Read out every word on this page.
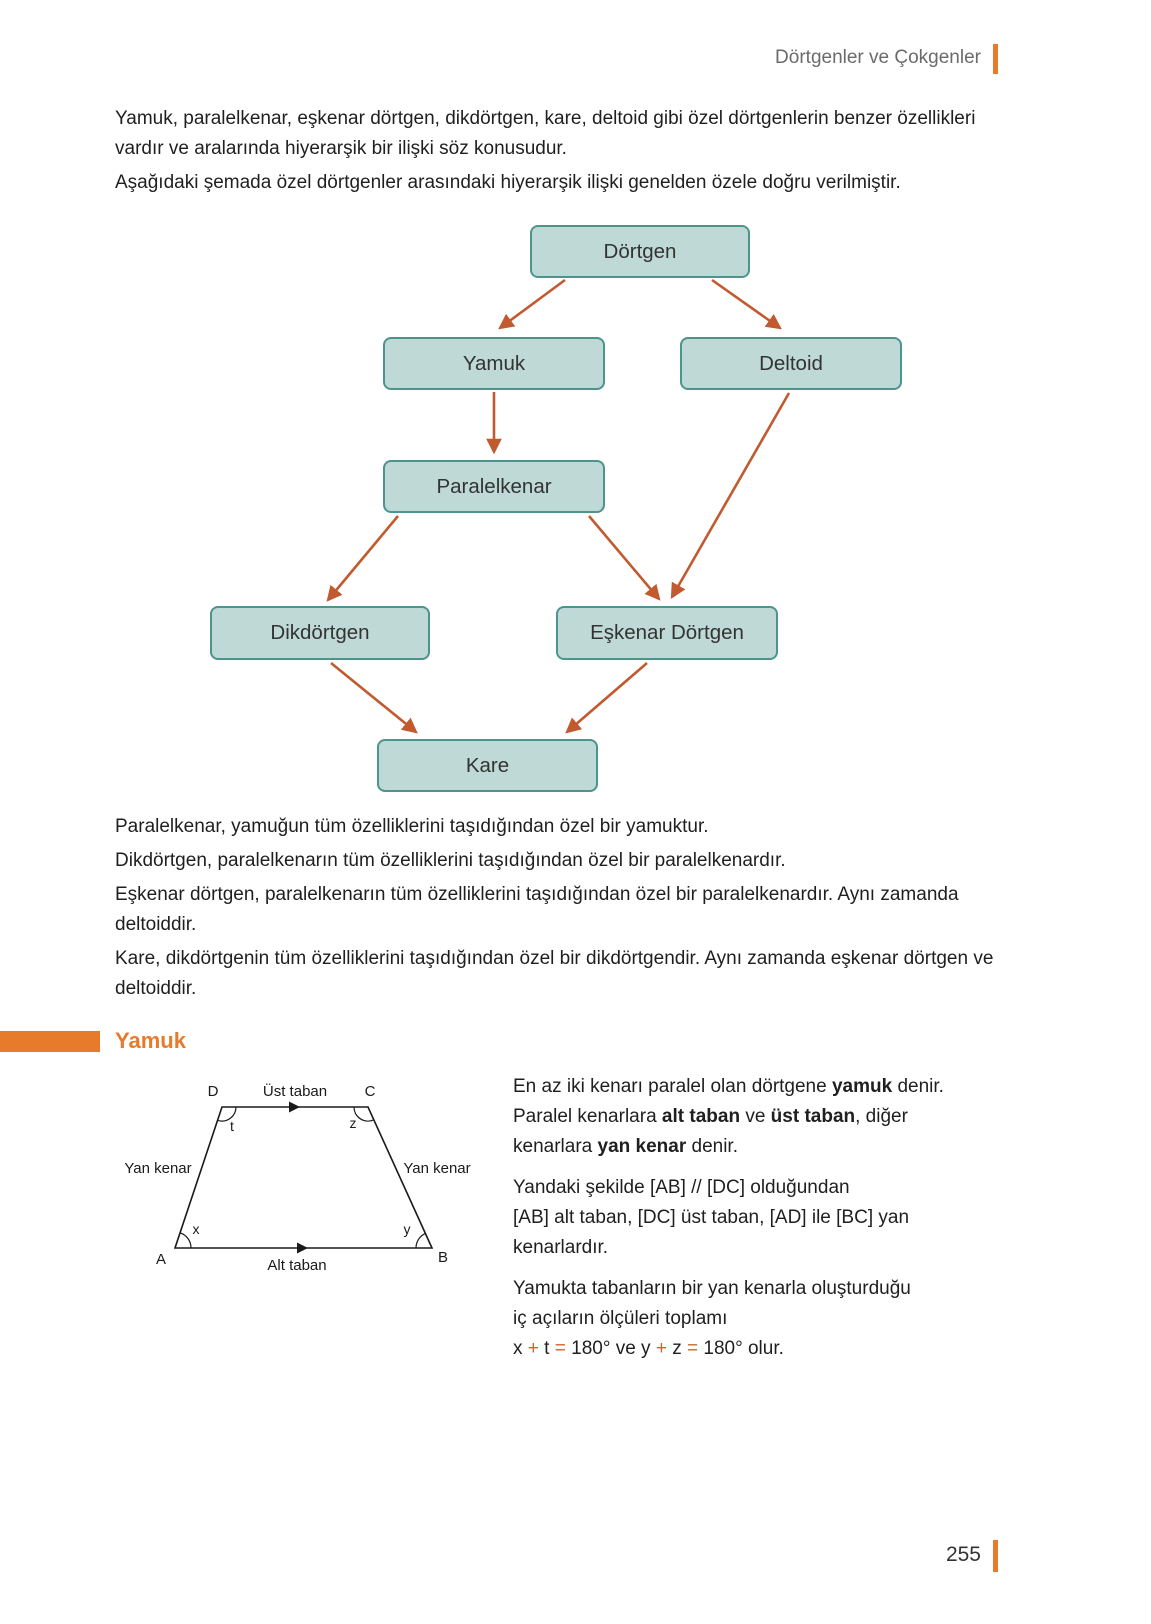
Dörtgenler ve Çokgenler

Yamuk, paralelkenar, eşkenar dörtgen, dikdörtgen, kare, deltoid gibi özel dörtgenlerin benzer özellikleri vardır ve aralarında hiyerarşik bir ilişki söz konusudur.

Aşağıdaki şemada özel dörtgenler arasındaki hiyerarşik ilişki genelden özele doğru verilmiştir.

Dörtgen
Yamuk	Deltoid
Paralelkenar
Dikdörtgen	Eşkenar Dörtgen
Kare

Paralelkenar, yamuğun tüm özelliklerini taşıdığından özel bir yamuktur.

Dikdörtgen, paralelkenarın tüm özelliklerini taşıdığından özel bir paralelkenardır.

Eşkenar dörtgen, paralelkenarın tüm özelliklerini taşıdığından özel bir paralelkenardır. Aynı zamanda deltoiddir.

Kare, dikdörtgenin tüm özelliklerini taşıdığından özel bir dikdörtgendir. Aynı zamanda eşkenar dörtgen ve deltoiddir.

Yamuk
D	C
A	B
Üst taban
Alt taban
Yan kenar	Yan kenar
t	z
x	y

En az iki kenarı paralel olan dörtgene yamuk denir.
Paralel kenarlara alt taban ve üst taban, diğer
kenarlara yan kenar denir.

Yandaki şekilde [AB] // [DC] olduğundan
[AB] alt taban, [DC] üst taban, [AD] ile [BC] yan
kenarlardır.

Yamukta tabanların bir yan kenarla oluşturduğu
iç açıların ölçüleri toplamı
x + t = 180° ve y + z = 180° olur.

255
